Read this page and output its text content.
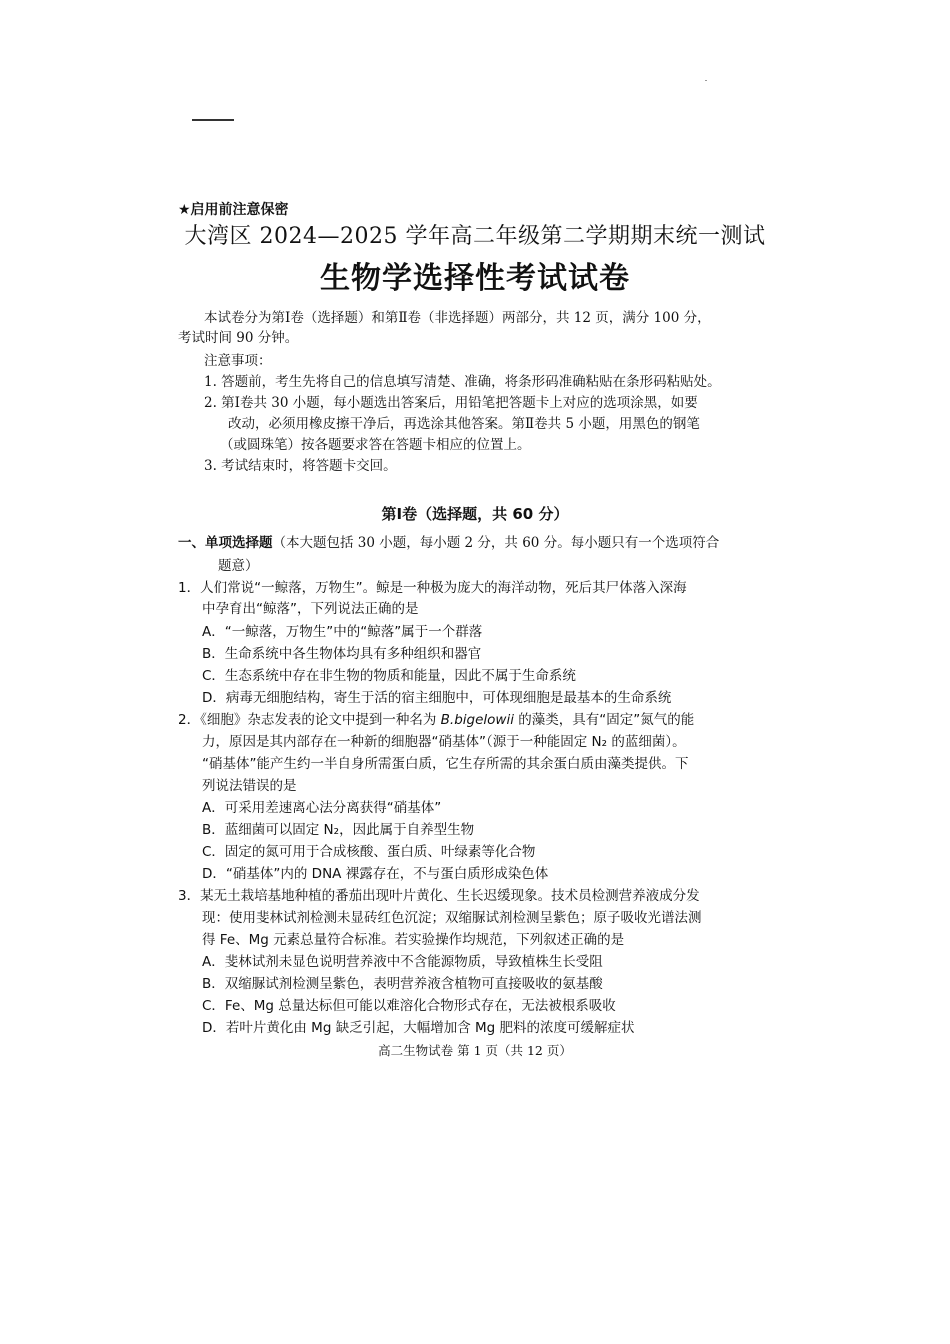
★启用前注意保密
大湾区 2024—2025 学年高二年级第二学期期末统一测试
生物学选择性考试试卷
本试卷分为第Ⅰ卷（选择题）和第Ⅱ卷（非选择题）两部分，共 12 页，满分 100 分，
考试时间 90 分钟。
注意事项：
1. 答题前，考生先将自己的信息填写清楚、准确，将条形码准确粘贴在条形码粘贴处。
2. 第Ⅰ卷共 30 小题，每小题选出答案后，用铅笔把答题卡上对应的选项涂黑，如要
改动，必须用橡皮擦干净后，再选涂其他答案。第Ⅱ卷共 5 小题，用黑色的钢笔
（或圆珠笔）按各题要求答在答题卡相应的位置上。
3. 考试结束时，将答题卡交回。
第Ⅰ卷（选择题，共 60 分）
一、单项选择题（本大题包括 30 小题，每小题 2 分，共 60 分。每小题只有一个选项符合
题意）
1．人们常说“一鲸落，万物生”。鲸是一种极为庞大的海洋动物，死后其尸体落入深海
中孕育出“鲸落”，下列说法正确的是
A．“一鲸落，万物生”中的“鲸落”属于一个群落
B．生命系统中各生物体均具有多种组织和器官
C．生态系统中存在非生物的物质和能量，因此不属于生命系统
D．病毒无细胞结构，寄生于活的宿主细胞中，可体现细胞是最基本的生命系统
2．《细胞》杂志发表的论文中提到一种名为 B.bigelowii 的藻类，具有“固定”氮气的能
力，原因是其内部存在一种新的细胞器“硝基体”（源于一种能固定 N₂ 的蓝细菌）。
“硝基体”能产生约一半自身所需蛋白质，它生存所需的其余蛋白质由藻类提供。下
列说法错误的是
A．可采用差速离心法分离获得“硝基体”
B．蓝细菌可以固定 N₂，因此属于自养型生物
C．固定的氮可用于合成核酸、蛋白质、叶绿素等化合物
D．“硝基体”内的 DNA 裸露存在，不与蛋白质形成染色体
3．某无土栽培基地种植的番茄出现叶片黄化、生长迟缓现象。技术员检测营养液成分发
现：使用斐林试剂检测未显砖红色沉淀；双缩脲试剂检测呈紫色；原子吸收光谱法测
得 Fe、Mg 元素总量符合标准。若实验操作均规范，下列叙述正确的是
A．斐林试剂未显色说明营养液中不含能源物质，导致植株生长受阻
B．双缩脲试剂检测呈紫色，表明营养液含植物可直接吸收的氨基酸
C．Fe、Mg 总量达标但可能以难溶化合物形式存在，无法被根系吸收
D．若叶片黄化由 Mg 缺乏引起，大幅增加含 Mg 肥料的浓度可缓解症状
高二生物试卷 第 1 页（共 12 页）
